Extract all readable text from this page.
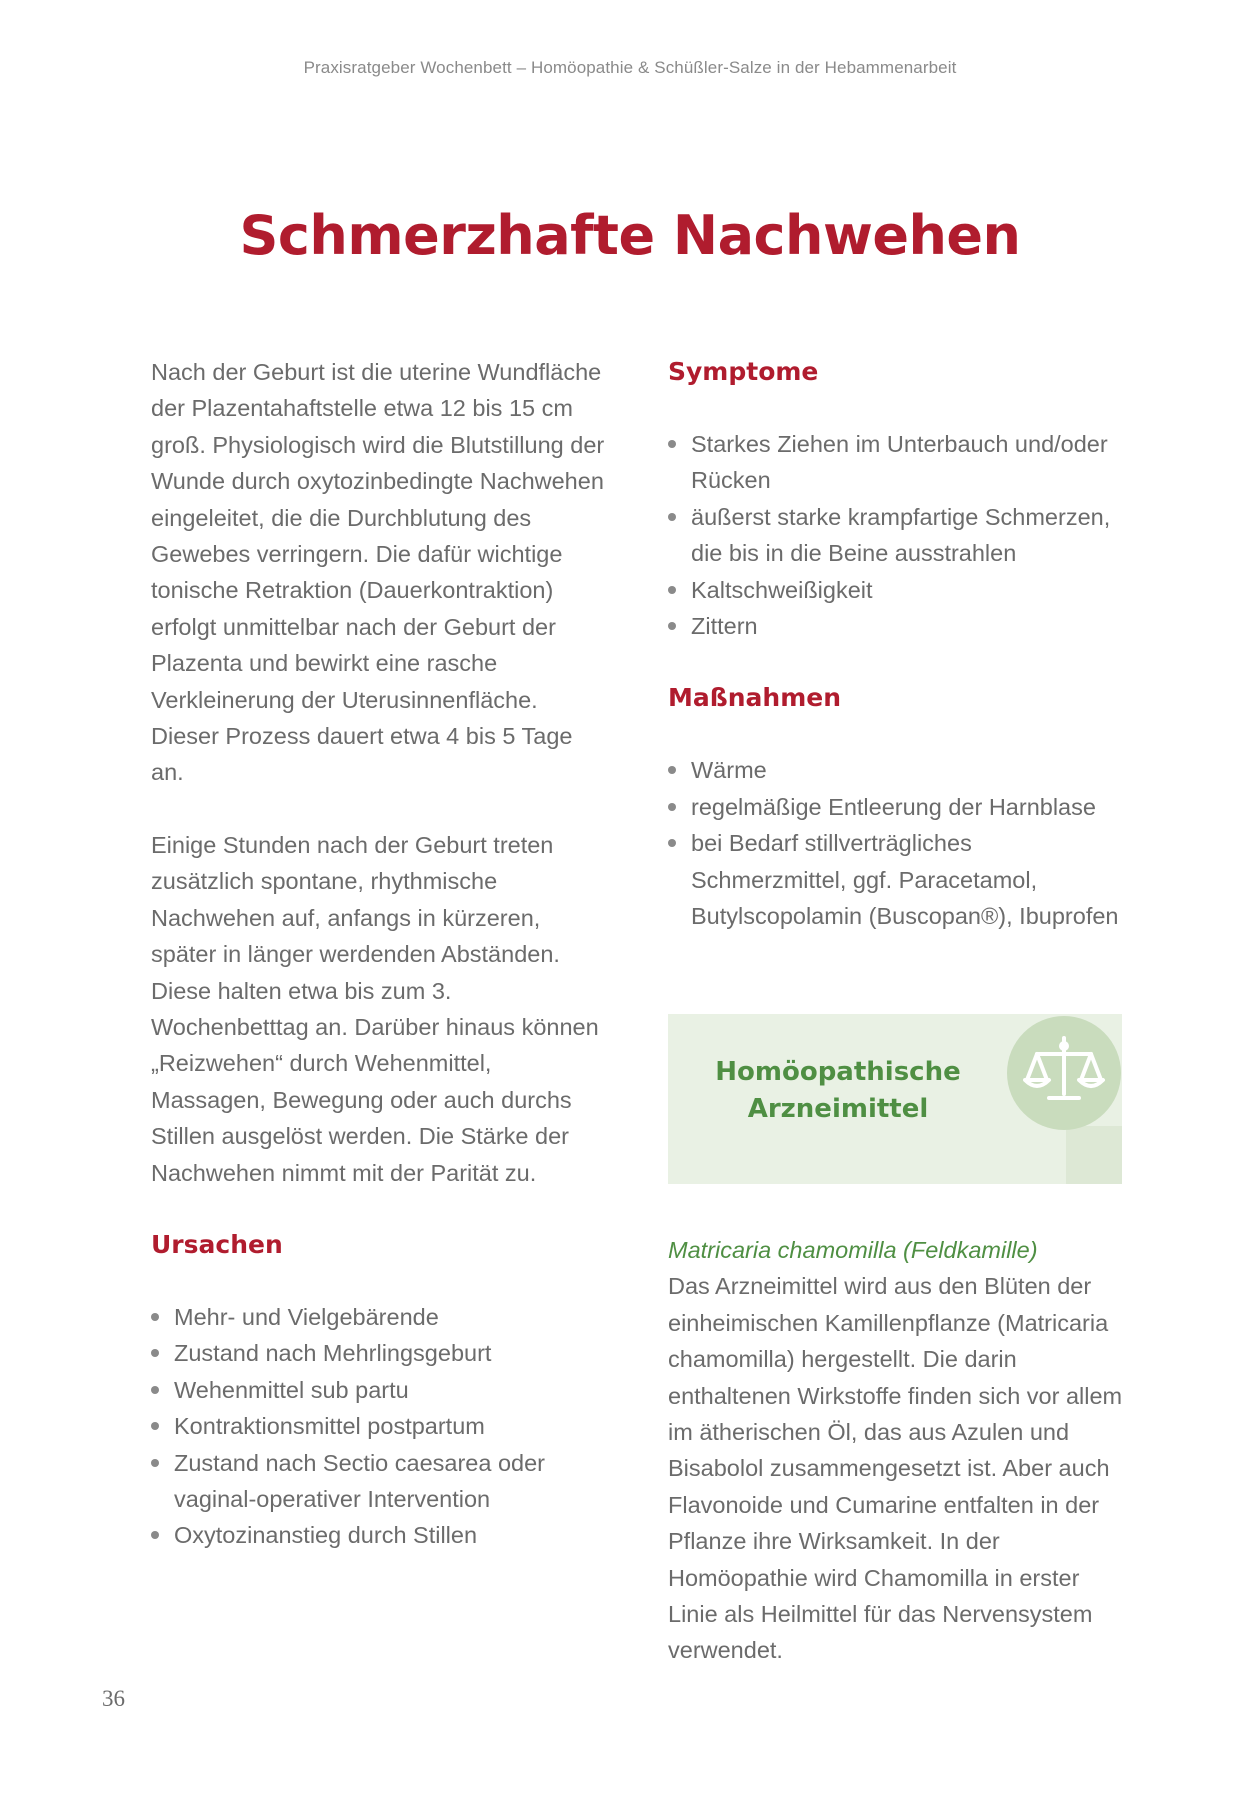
Praxisratgeber Wochenbett – Homöopathie & Schüßler-Salze in der Hebammenarbeit
Schmerzhafte Nachwehen

Nach der Geburt ist die uterine Wundfläche der Plazentahaftstelle etwa 12 bis 15 cm groß. Physiologisch wird die Blutstillung der Wunde durch oxytozinbedingte Nachwehen eingeleitet, die die Durchblutung des Gewebes verringern. Die dafür wichtige tonische Retraktion (Dauerkontraktion) erfolgt unmittelbar nach der Geburt der Plazenta und bewirkt eine rasche Verkleinerung der Uterusinnenfläche. Dieser Prozess dauert etwa 4 bis 5 Tage an.

Einige Stunden nach der Geburt treten zusätzlich spontane, rhythmische Nachwehen auf, anfangs in kürzeren, später in länger werdenden Abständen. Diese halten etwa bis zum 3. Wochenbetttag an. Darüber hinaus können „Reizwehen“ durch Wehenmittel, Massagen, Bewegung oder auch durchs Stillen ausgelöst werden. Die Stärke der Nachwehen nimmt mit der Parität zu.

Ursachen
Mehr- und Vielgebärende
Zustand nach Mehrlingsgeburt
Wehenmittel sub partu
Kontraktionsmittel postpartum
Zustand nach Sectio caesarea oder vaginal-operativer Intervention
Oxytozinanstieg durch Stillen
Symptome
Starkes Ziehen im Unterbauch und/oder Rücken
äußerst starke krampfartige Schmerzen, die bis in die Beine ausstrahlen
Kaltschweißigkeit
Zittern
Maßnahmen
Wärme
regelmäßige Entleerung der Harnblase
bei Bedarf stillverträgliches Schmerzmittel, ggf. Paracetamol, Butylscopolamin (Buscopan®), Ibuprofen
Homöopathische
Arzneimittel

Matricaria chamomilla (Feldkamille)

Das Arzneimittel wird aus den Blüten der einheimischen Kamillenpflanze (Matricaria chamomilla) hergestellt. Die darin enthaltenen Wirkstoffe finden sich vor allem im ätherischen Öl, das aus Azulen und Bisabolol zusammengesetzt ist. Aber auch Flavonoide und Cumarine entfalten in der Pflanze ihre Wirksamkeit. In der Homöopathie wird Chamomilla in erster Linie als Heilmittel für das Nervensystem verwendet.

36
